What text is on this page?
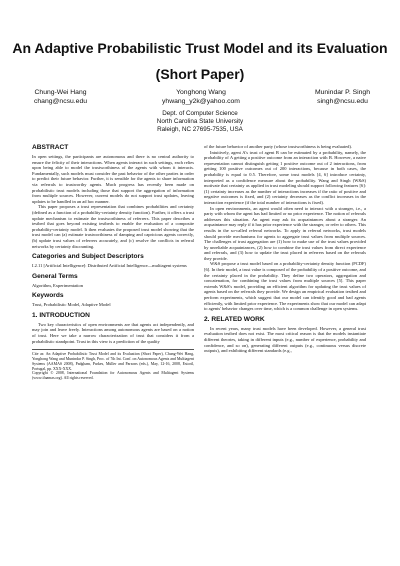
An Adaptive Probabilistic Trust Model and its Evaluation
(Short Paper)
Chung-Wei Hang
chang@ncsu.edu
Yonghong Wang
yhwang_y2k@yahoo.com
Munindar P. Singh
singh@ncsu.edu
Dept. of Computer Science
North Carolina State University
Raleigh, NC 27695-7535, USA
ABSTRACT

In open settings, the participants are autonomous and there is no central authority to ensure the felicity of their interactions. When agents interact in such settings, each relies upon being able to model the trustworthiness of the agents with whom it interacts. Fundamentally, such models must consider the past behavior of the other parties in order to predict their future behavior. Further, it is sensible for the agents to share information via referrals to trustworthy agents. Much progress has recently been made on probabilistic trust models including those that support the aggregation of information from multiple sources. However, current models do not support trust updates, leaving updates to be handled in an ad hoc manner.

This paper proposes a trust representation that combines probabilities and certainty (defined as a function of a probability-certainty density function). Further, it offers a trust update mechanism to estimate the trustworthiness of referrers. This paper describes a testbed that goes beyond existing testbeds to enable the evaluation of a composite probability-certainty model. It then evaluates the proposed trust model showing that the trust model can (a) estimate trustworthiness of damping and capricious agents correctly, (b) update trust values of referrers accurately, and (c) resolve the conflicts in referral networks by certainty discounting.

Categories and Subject Descriptors

I.2.11 [Artificial Intelligence]: Distributed Artificial Intelligence—multiagent systems

General Terms

Algorithm, Experimentation

Keywords

Trust, Probabilistic Model, Adaptive Model

1. INTRODUCTION

Two key characteristics of open environments are that agents act independently, and may join and leave freely. Interactions among autonomous agents are based on a notion of trust. Here we take a narrow characterization of trust that considers it from a probabilistic standpoint. Trust in this view is a prediction of the quality

Cite as: An Adaptive Probabilistic Trust Model and its Evaluation (Short Paper), Chung-Wei Hang, Yonghong Wang and Munindar P. Singh, Proc. of 7th Int. Conf. on Autonomous Agents and Multiagent Systems (AAMAS 2008), Padgham, Parkes, Müller and Parsons (eds.), May, 12-16, 2008, Estoril, Portugal, pp. XXX-XXX.

Copyright © 2008, International Foundation for Autonomous Agents and Multiagent Systems (www.ifaamas.org). All rights reserved.

of the future behavior of another party (whose trustworthiness is being evaluated).

Intuitively, agent A's trust of agent B can be estimated by a probability, namely, the probability of A getting a positive outcome from an interaction with B. However, a naive representation cannot distinguish getting 1 positive outcome out of 2 interactions, from getting 100 positive outcomes out of 200 interactions, because in both cases, the probability is equal to 0.5. Therefore, some trust models [4, 6] introduce certainty, interpreted as a confidence measure about the probability. Wang and Singh (W&S) motivate that certainty as applied in trust modeling should support following features [6]: (1) certainty increases as the number of interactions increases if the ratio of positive and negative outcomes is fixed, and (2) certainty decreases as the conflict increases in the interaction experience (if the total number of interactions is fixed).

In open environments, an agent would often need to interact with a stranger, i.e., a party with whom the agent has had limited or no prior experience. The notion of referrals addresses this situation. An agent may ask its acquaintances about a stranger. An acquaintance may reply if it has prior experience with the stranger, or refer to others. This results in the so-called referral networks. To apply in referral networks, trust models should provide mechanisms for agents to aggregate trust values from multiple sources. The challenges of trust aggregation are (1) how to make use of the trust values provided by unreliable acquaintances, (2) how to combine the trust values from direct experience and referrals, and (3) how to update the trust placed in referrers based on the referrals they provide.

W&S propose a trust model based on a probability-certainty density function (PCDF) [6]. In their model, a trust value is composed of the probability of a positive outcome, and the certainty placed in the probability. They define two operators, aggregation and concatenation, for combining the trust values from multiple sources [5]. This paper extends W&S's model, providing an efficient algorithm for updating the trust values of agents based on the referrals they provide. We design an empirical evaluation testbed and perform experiments, which suggest that our model can identify good and bad agents efficiently, with limited prior experience. The experiments show that our model can adapt to agents' behavior changes over time, which is a common challenge in open systems.

2. RELATED WORK

In recent years, many trust models have been developed. However, a general trust evaluation testbed does not exist. The most critical reason is that the models instantiate different theories, taking in different inputs (e.g., number of experience, probability and confidence, and so on), generating different outputs (e.g., continuous versus discrete outputs), and exhibiting different standards (e.g.,
